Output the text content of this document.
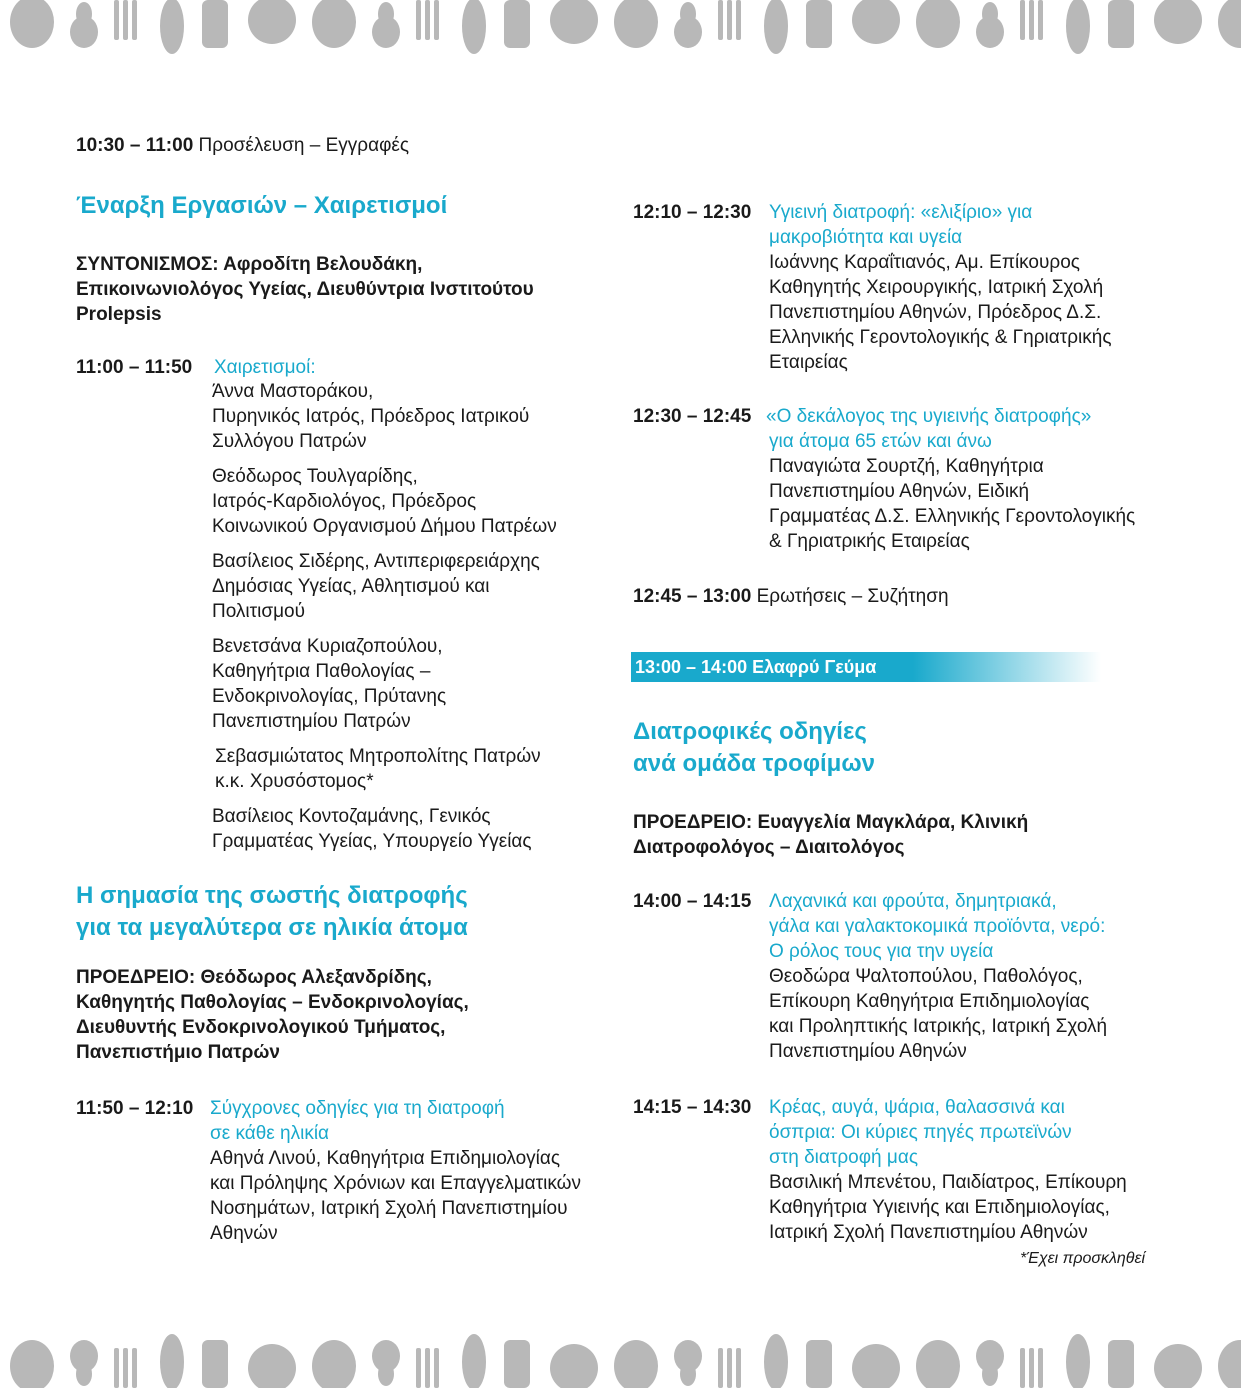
10:30 – 11:00 Προσέλευση – Εγγραφές
Έναρξη Εργασιών – Χαιρετισμοί
ΣΥΝΤΟΝΙΣΜΟΣ: Αφροδίτη Βελουδάκη,
Επικοινωνιολόγος Υγείας, Διευθύντρια Ινστιτούτου
Prolepsis
11:00 – 11:50 Χαιρετισμοί:
Άννα Μαστοράκου,
Πυρηνικός Ιατρός, Πρόεδρος Ιατρικού
Συλλόγου Πατρών
Θεόδωρος Τουλγαρίδης,
Ιατρός-Καρδιολόγος, Πρόεδρος
Κοινωνικού Οργανισμού Δήμου Πατρέων
Βασίλειος Σιδέρης, Αντιπεριφερειάρχης
Δημόσιας Υγείας, Αθλητισμού και
Πολιτισμού
Βενετσάνα Κυριαζοπούλου,
Καθηγήτρια Παθολογίας –
Ενδοκρινολογίας, Πρύτανης
Πανεπιστημίου Πατρών
Σεβασμιώτατος Μητροπολίτης Πατρών
κ.κ. Χρυσόστομος*
Βασίλειος Κοντοζαμάνης, Γενικός
Γραμματέας Υγείας, Υπουργείο Υγείας
Η σημασία της σωστής διατροφής
για τα μεγαλύτερα σε ηλικία άτομα
ΠΡΟΕΔΡΕΙΟ: Θεόδωρος Αλεξανδρίδης,
Καθηγητής Παθολογίας – Ενδοκρινολογίας,
Διευθυντής Ενδοκρινολογικού Τμήματος,
Πανεπιστήμιο Πατρών
11:50 – 12:10 Σύγχρονες οδηγίες για τη διατροφή
σε κάθε ηλικία
Αθηνά Λινού, Καθηγήτρια Επιδημιολογίας
και Πρόληψης Χρόνιων και Επαγγελματικών
Νοσημάτων, Ιατρική Σχολή Πανεπιστημίου
Αθηνών
12:10 – 12:30 Υγιεινή διατροφή: «ελιξίριο» για
μακροβιότητα και υγεία
Ιωάννης Καραΐτιανός, Αμ. Επίκουρος
Καθηγητής Χειρουργικής, Ιατρική Σχολή
Πανεπιστημίου Αθηνών, Πρόεδρος Δ.Σ.
Ελληνικής Γεροντολογικής & Γηριατρικής
Εταιρείας
12:30 – 12:45 «Ο δεκάλογος της υγιεινής διατροφής»
για άτομα 65 ετών και άνω
Παναγιώτα Σουρτζή, Καθηγήτρια
Πανεπιστημίου Αθηνών, Ειδική
Γραμματέας Δ.Σ. Ελληνικής Γεροντολογικής
& Γηριατρικής Εταιρείας
12:45 – 13:00 Ερωτήσεις – Συζήτηση
13:00 – 14:00 Ελαφρύ Γεύμα
Διατροφικές οδηγίες
ανά ομάδα τροφίμων
ΠΡΟΕΔΡΕΙΟ: Ευαγγελία Μαγκλάρα, Κλινική
Διατροφολόγος – Διαιτολόγος
14:00 – 14:15 Λαχανικά και φρούτα, δημητριακά,
γάλα και γαλακτοκομικά προϊόντα, νερό:
Ο ρόλος τους για την υγεία
Θεοδώρα Ψαλτοπούλου, Παθολόγος,
Επίκουρη Καθηγήτρια Επιδημιολογίας
και Προληπτικής Ιατρικής, Ιατρική Σχολή
Πανεπιστημίου Αθηνών
14:15 – 14:30 Κρέας, αυγά, ψάρια, θαλασσινά και
όσπρια: Οι κύριες πηγές πρωτεϊνών
στη διατροφή μας
Βασιλική Μπενέτου, Παιδίατρος, Επίκουρη
Καθηγήτρια Υγιεινής και Επιδημιολογίας,
Ιατρική Σχολή Πανεπιστημίου Αθηνών
*Έχει προσκληθεί
